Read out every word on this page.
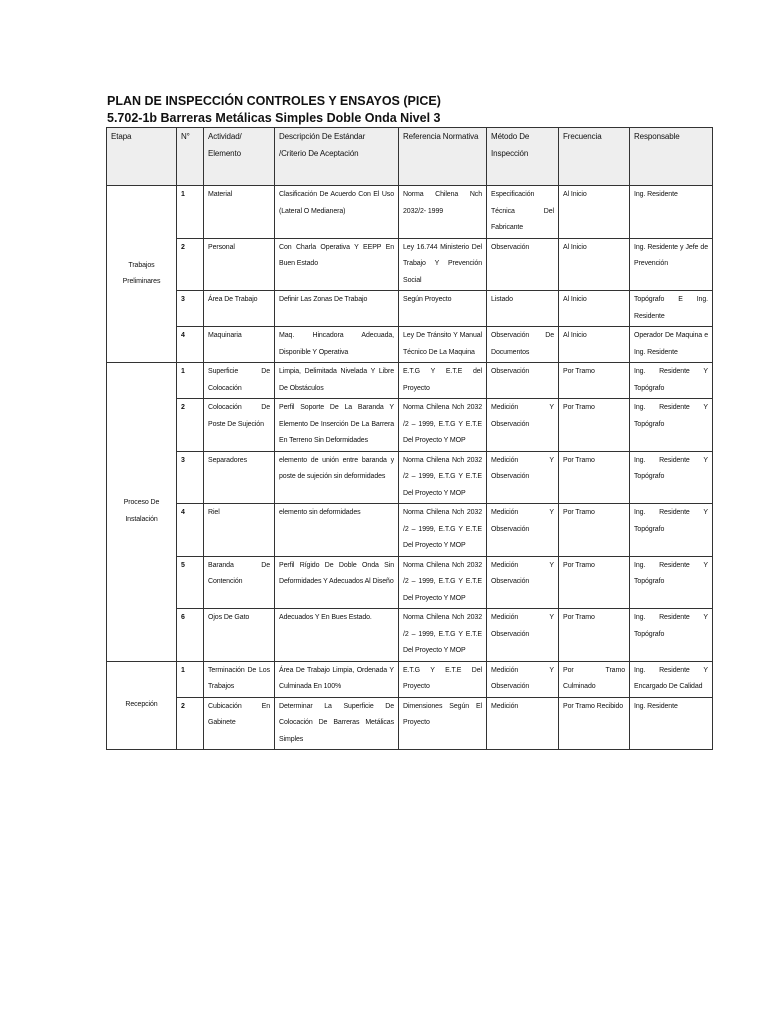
PLAN DE INSPECCIÓN CONTROLES Y ENSAYOS (PICE)
5.702-1b Barreras Metálicas Simples Doble Onda Nivel 3
Etapa	N°	Actividad/ Elemento	Descripción De Estándar /Criterio De Aceptación	Referencia Normativa	Método De Inspección	Frecuencia	Responsable
Trabajos Preliminares	1	Material	Clasificación De Acuerdo Con El Uso (Lateral O Medianera)	Norma Chilena Nch 2032/2- 1999	Especificación Técnica Del Fabricante	Al Inicio	Ing. Residente
	2	Personal	Con Charla Operativa Y EEPP En Buen Estado	Ley 16.744 Ministerio Del Trabajo Y Prevención Social	Observación	Al Inicio	Ing. Residente y Jefe de Prevención
	3	Área De Trabajo	Definir Las Zonas De Trabajo	Según Proyecto	Listado	Al Inicio	Topógrafo E Ing. Residente
	4	Maquinaria	Maq. Hincadora Adecuada, Disponible Y Operativa	Ley De Tránsito Y Manual Técnico De La Maquina	Observación De Documentos	Al Inicio	Operador De Maquina e Ing. Residente
Proceso De Instalación	1	Superficie De Colocación	Limpia, Delimitada Nivelada Y Libre De Obstáculos	E.T.G Y E.T.E del Proyecto	Observación	Por Tramo	Ing. Residente Y Topógrafo
	2	Colocación De Poste De Sujeción	Perfil Soporte De La Baranda Y Elemento De Inserción De La Barrera En Terreno Sin Deformidades	Norma Chilena Nch 2032 /2 – 1999, E.T.G Y E.T.E Del Proyecto Y MOP	Medición Y Observación	Por Tramo	Ing. Residente Y Topógrafo
	3	Separadores	elemento de unión entre baranda y poste de sujeción sin deformidades	Norma Chilena Nch 2032 /2 – 1999, E.T.G Y E.T.E Del Proyecto Y MOP	Medición Y Observación	Por Tramo	Ing. Residente Y Topógrafo
	4	Riel	elemento sin deformidades	Norma Chilena Nch 2032 /2 – 1999, E.T.G Y E.T.E Del Proyecto Y MOP	Medición Y Observación	Por Tramo	Ing. Residente Y Topógrafo
	5	Baranda De Contención	Perfil Rígido De Doble Onda Sin Deformidades Y Adecuados Al Diseño	Norma Chilena Nch 2032 /2 – 1999, E.T.G Y E.T.E Del Proyecto Y MOP	Medición Y Observación	Por Tramo	Ing. Residente Y Topógrafo
	6	Ojos De Gato	Adecuados Y En Bues Estado.	Norma Chilena Nch 2032 /2 – 1999, E.T.G Y E.T.E Del Proyecto Y MOP	Medición Y Observación	Por Tramo	Ing. Residente Y Topógrafo
Recepción	1	Terminación De Los Trabajos	Área De Trabajo Limpia, Ordenada Y Culminada En 100%	E.T.G Y E.T.E Del Proyecto	Medición Y Observación	Por Tramo Culminado	Ing. Residente Y Encargado De Calidad
	2	Cubicación En Gabinete	Determinar La Superficie De Colocación De Barreras Metálicas Simples	Dimensiones Según El Proyecto	Medición	Por Tramo Recibido	Ing. Residente
